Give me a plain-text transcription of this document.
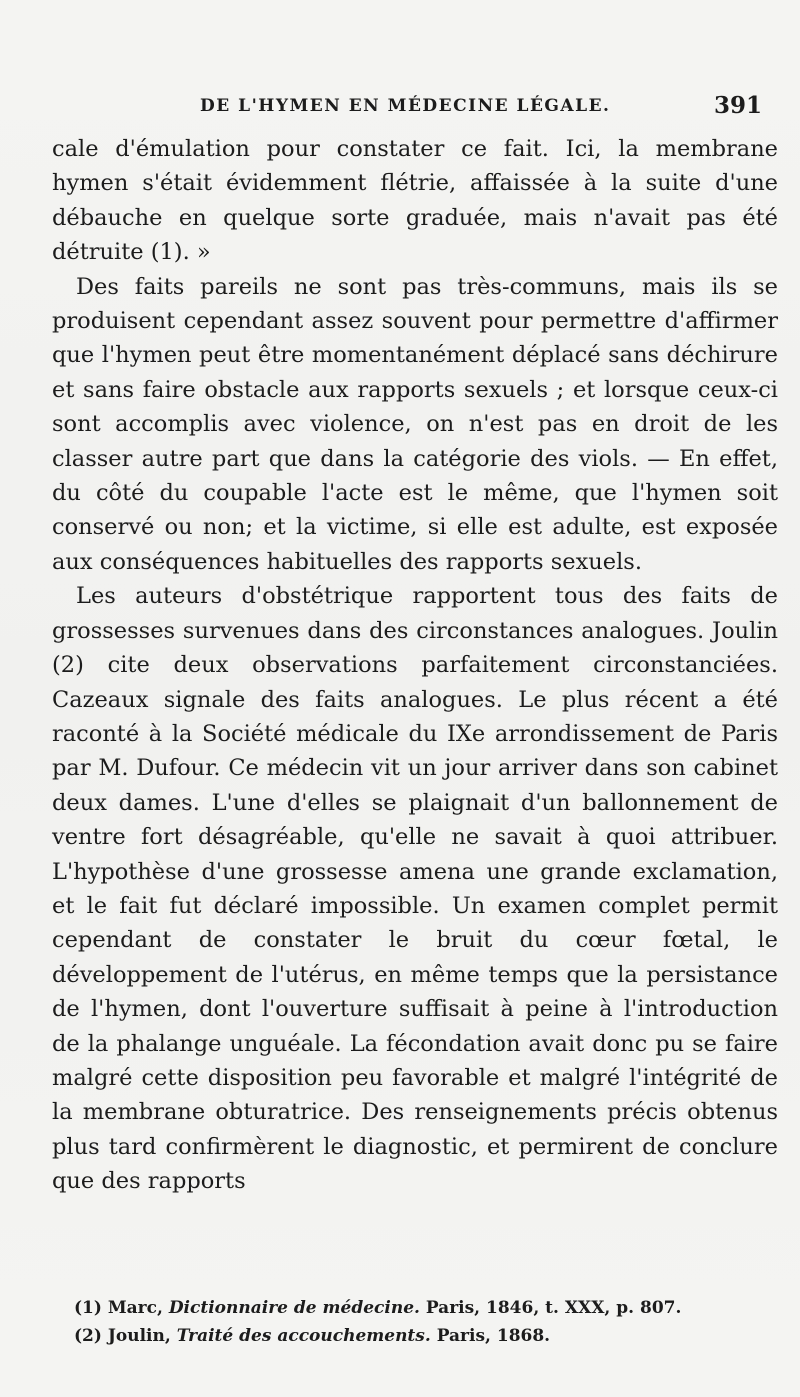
DE L'HYMEN EN MÉDECINE LÉGALE.	391

cale d'émulation pour constater ce fait. Ici, la membrane hymen s'était évidemment flétrie, affaissée à la suite d'une débauche en quelque sorte graduée, mais n'avait pas été détruite (1). »

Des faits pareils ne sont pas très-communs, mais ils se produisent cependant assez souvent pour permettre d'affirmer que l'hymen peut être momentanément déplacé sans déchirure et sans faire obstacle aux rapports sexuels ; et lorsque ceux-ci sont accomplis avec violence, on n'est pas en droit de les classer autre part que dans la catégorie des viols. — En effet, du côté du coupable l'acte est le même, que l'hymen soit conservé ou non; et la victime, si elle est adulte, est exposée aux conséquences habituelles des rapports sexuels.

Les auteurs d'obstétrique rapportent tous des faits de grossesses survenues dans des circonstances analogues. Joulin (2) cite deux observations parfaitement circonstanciées. Cazeaux signale des faits analogues. Le plus récent a été raconté à la Société médicale du IXe arrondissement de Paris par M. Dufour. Ce médecin vit un jour arriver dans son cabinet deux dames. L'une d'elles se plaignait d'un ballonnement de ventre fort désagréable, qu'elle ne savait à quoi attribuer. L'hypothèse d'une grossesse amena une grande exclamation, et le fait fut déclaré impossible. Un examen complet permit cependant de constater le bruit du cœur fœtal, le développement de l'utérus, en même temps que la persistance de l'hymen, dont l'ouverture suffisait à peine à l'introduction de la phalange unguéale. La fécondation avait donc pu se faire malgré cette disposition peu favorable et malgré l'intégrité de la membrane obturatrice. Des renseignements précis obtenus plus tard confirmèrent le diagnostic, et permirent de conclure que des rapports

(1) Marc, Dictionnaire de médecine. Paris, 1846, t. XXX, p. 807.
(2) Joulin, Traité des accouchements. Paris, 1868.
